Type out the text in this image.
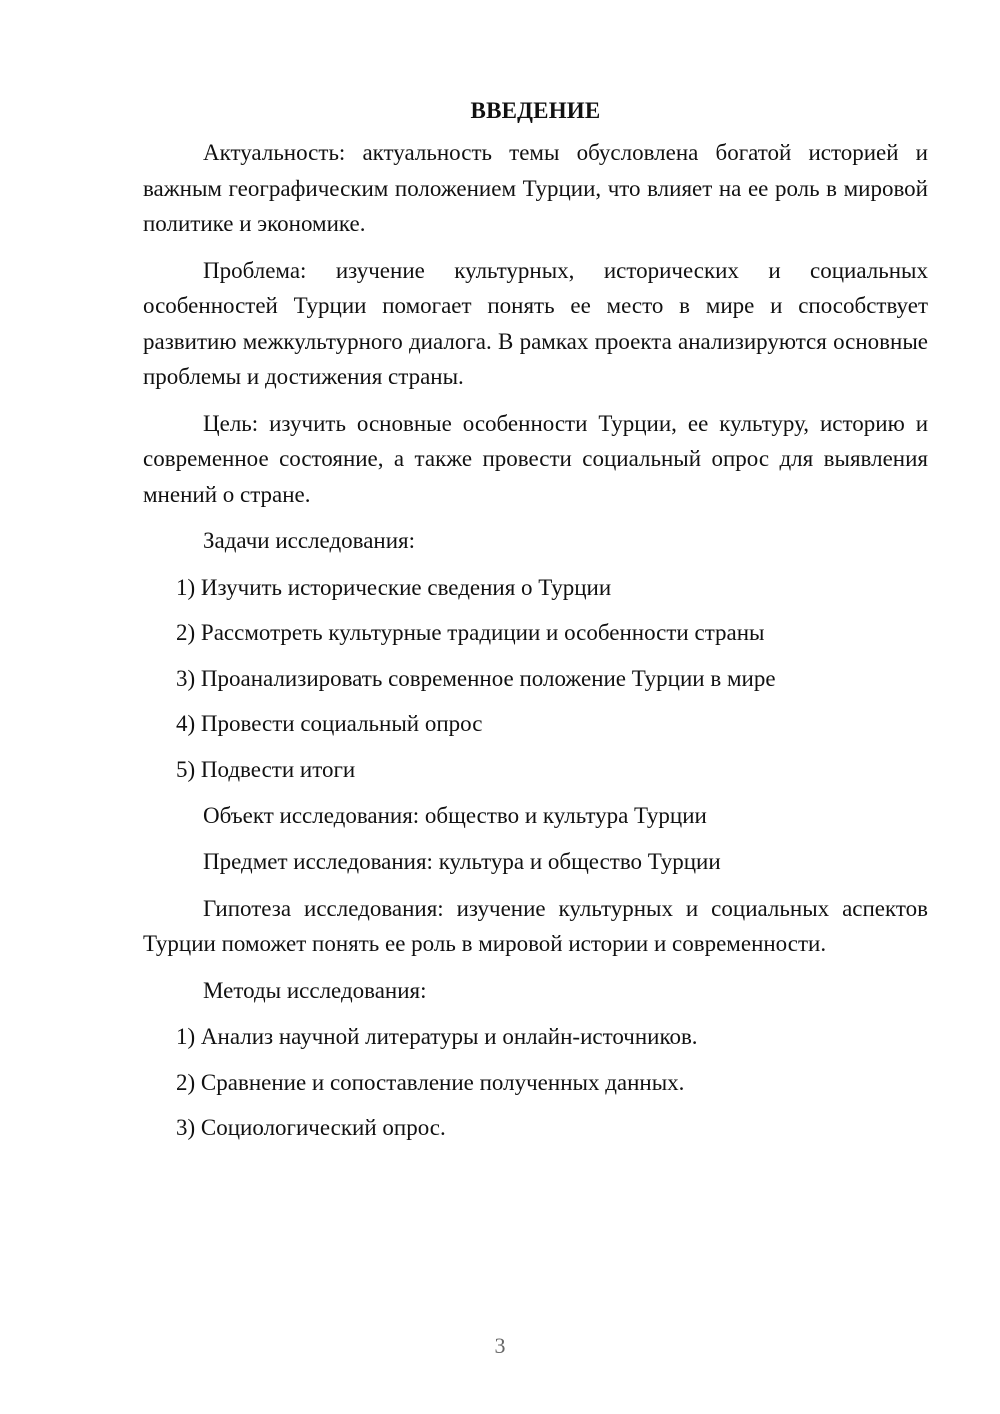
ВВЕДЕНИЕ

Актуальность: актуальность темы обусловлена богатой историей и важным географическим положением Турции, что влияет на ее роль в мировой политике и экономике.

Проблема: изучение культурных, исторических и социальных особенностей Турции помогает понять ее место в мире и способствует развитию межкультурного диалога. В рамках проекта анализируются основные проблемы и достижения страны.

Цель: изучить основные особенности Турции, ее культуру, историю и современное состояние, а также провести социальный опрос для выявления мнений о стране.

Задачи исследования:

1) Изучить исторические сведения о Турции
2) Рассмотреть культурные традиции и особенности страны
3) Проанализировать современное положение Турции в мире
4) Провести социальный опрос
5) Подвести итоги

Объект исследования: общество и культура Турции

Предмет исследования: культура и общество Турции

Гипотеза исследования: изучение культурных и социальных аспектов Турции поможет понять ее роль в мировой истории и современности.

Методы исследования:

1) Анализ научной литературы и онлайн-источников.
2) Сравнение и сопоставление полученных данных.
3) Социологический опрос.
3
